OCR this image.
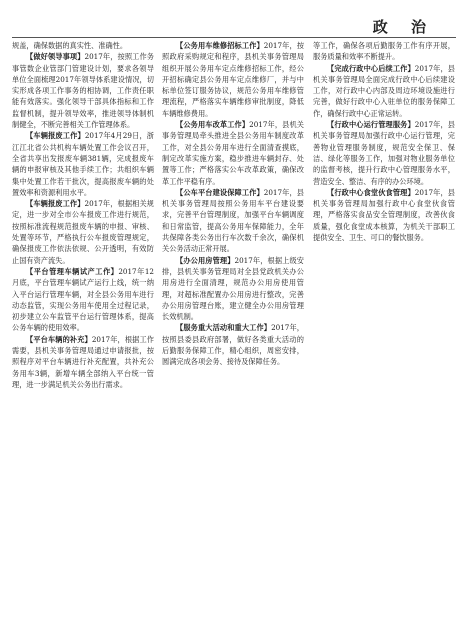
政 治

规盖，确保数据的真实性、准确性。

【做好领导事项】2017年，按照工作务事管数企业管部门管建设计划，要求各领导单位全面梳理2017年领导体系建设情况，切实形成各项工作事务的相协调，工作责任职能有效落实。强化领导干部具体指标和工作监督机制，提升领导效率，推进领导体制机制健全，不断完善相关工作管理体系。

【车辆报废工作】2017年4月29日，浙江江北省公共机构车辆处置工作会议召开，全省共享出发报废车辆381辆，完成报废车辆的申报审核及其他手续工作；共组织车辆集中处置工作若干批次，提高报废车辆的处置效率和资源利用水平。

【车辆报废工作】2017年，根据相关规定，进一步对全市公车报废工作进行规范，按照标准流程规范报废车辆的申报、审核、处置等环节，严格执行公车报废管理规定，确保报废工作依法依规、公开透明，有效防止国有资产流失。

【平台管理车辆试产工作】2017年12月底，平台管理车辆试产运行上线，统一纳入平台运行管理车辆，对全县公务用车进行动态监管，实现公务用车使用全过程记录，初步建立公车监管平台运行管理体系，提高公务车辆的使用效率。

【平台车辆的补充】2017年，根据工作需要，县机关事务管理局通过申请报批，按照程序对平台车辆进行补充配置，共补充公务用车3辆，新增车辆全部纳入平台统一管理，进一步满足机关公务出行需求。

【公务用车维修招标工作】2017年，按照政府采购规定和程序，县机关事务管理局组织开展公务用车定点维修招标工作，经公开招标确定县公务用车定点维修厂，并与中标单位签订服务协议，规范公务用车维修管理流程，严格落实车辆维修审批制度，降低车辆维修费用。

【公务用车改革工作】2017年，县机关事务管理局牵头推进全县公务用车制度改革工作，对全县公务用车进行全面清查摸底，制定改革实施方案，稳步推进车辆封存、处置等工作；严格落实公车改革政策，确保改革工作平稳有序。

【公车平台建设保障工作】2017年，县机关事务管理局按照公务用车平台建设要求，完善平台管理制度，加强平台车辆调度和日常监管，提高公务用车保障能力，全年共保障各类公务出行车次数千余次，确保机关公务活动正常开展。

【办公用房管理】2017年，根据上级安排，县机关事务管理局对全县党政机关办公用房进行全面清理，规范办公用房使用管理，对超标准配置办公用房进行整改，完善办公用房管理台账，建立健全办公用房管理长效机制。

【服务重大活动和重大工作】2017年，按照县委县政府部署，做好各类重大活动的后勤服务保障工作，精心组织，周密安排，圆满完成各项会务、接待及保障任务。

等工作，确保各项后勤服务工作有序开展，服务质量和效率不断提升。

【完成行政中心后续工作】2017年，县机关事务管理局全面完成行政中心后续建设工作，对行政中心内部及周边环境设施进行完善，做好行政中心入驻单位的服务保障工作，确保行政中心正常运转。

【行政中心运行管理服务】2017年，县机关事务管理局加强行政中心运行管理，完善物业管理服务制度，规范安全保卫、保洁、绿化等服务工作，加强对物业服务单位的监督考核，提升行政中心管理服务水平，营造安全、整洁、有序的办公环境。

【行政中心食堂伙食管理】2017年，县机关事务管理局加强行政中心食堂伙食管理，严格落实食品安全管理制度，改善伙食质量，强化食堂成本核算，为机关干部职工提供安全、卫生、可口的餐饮服务。
